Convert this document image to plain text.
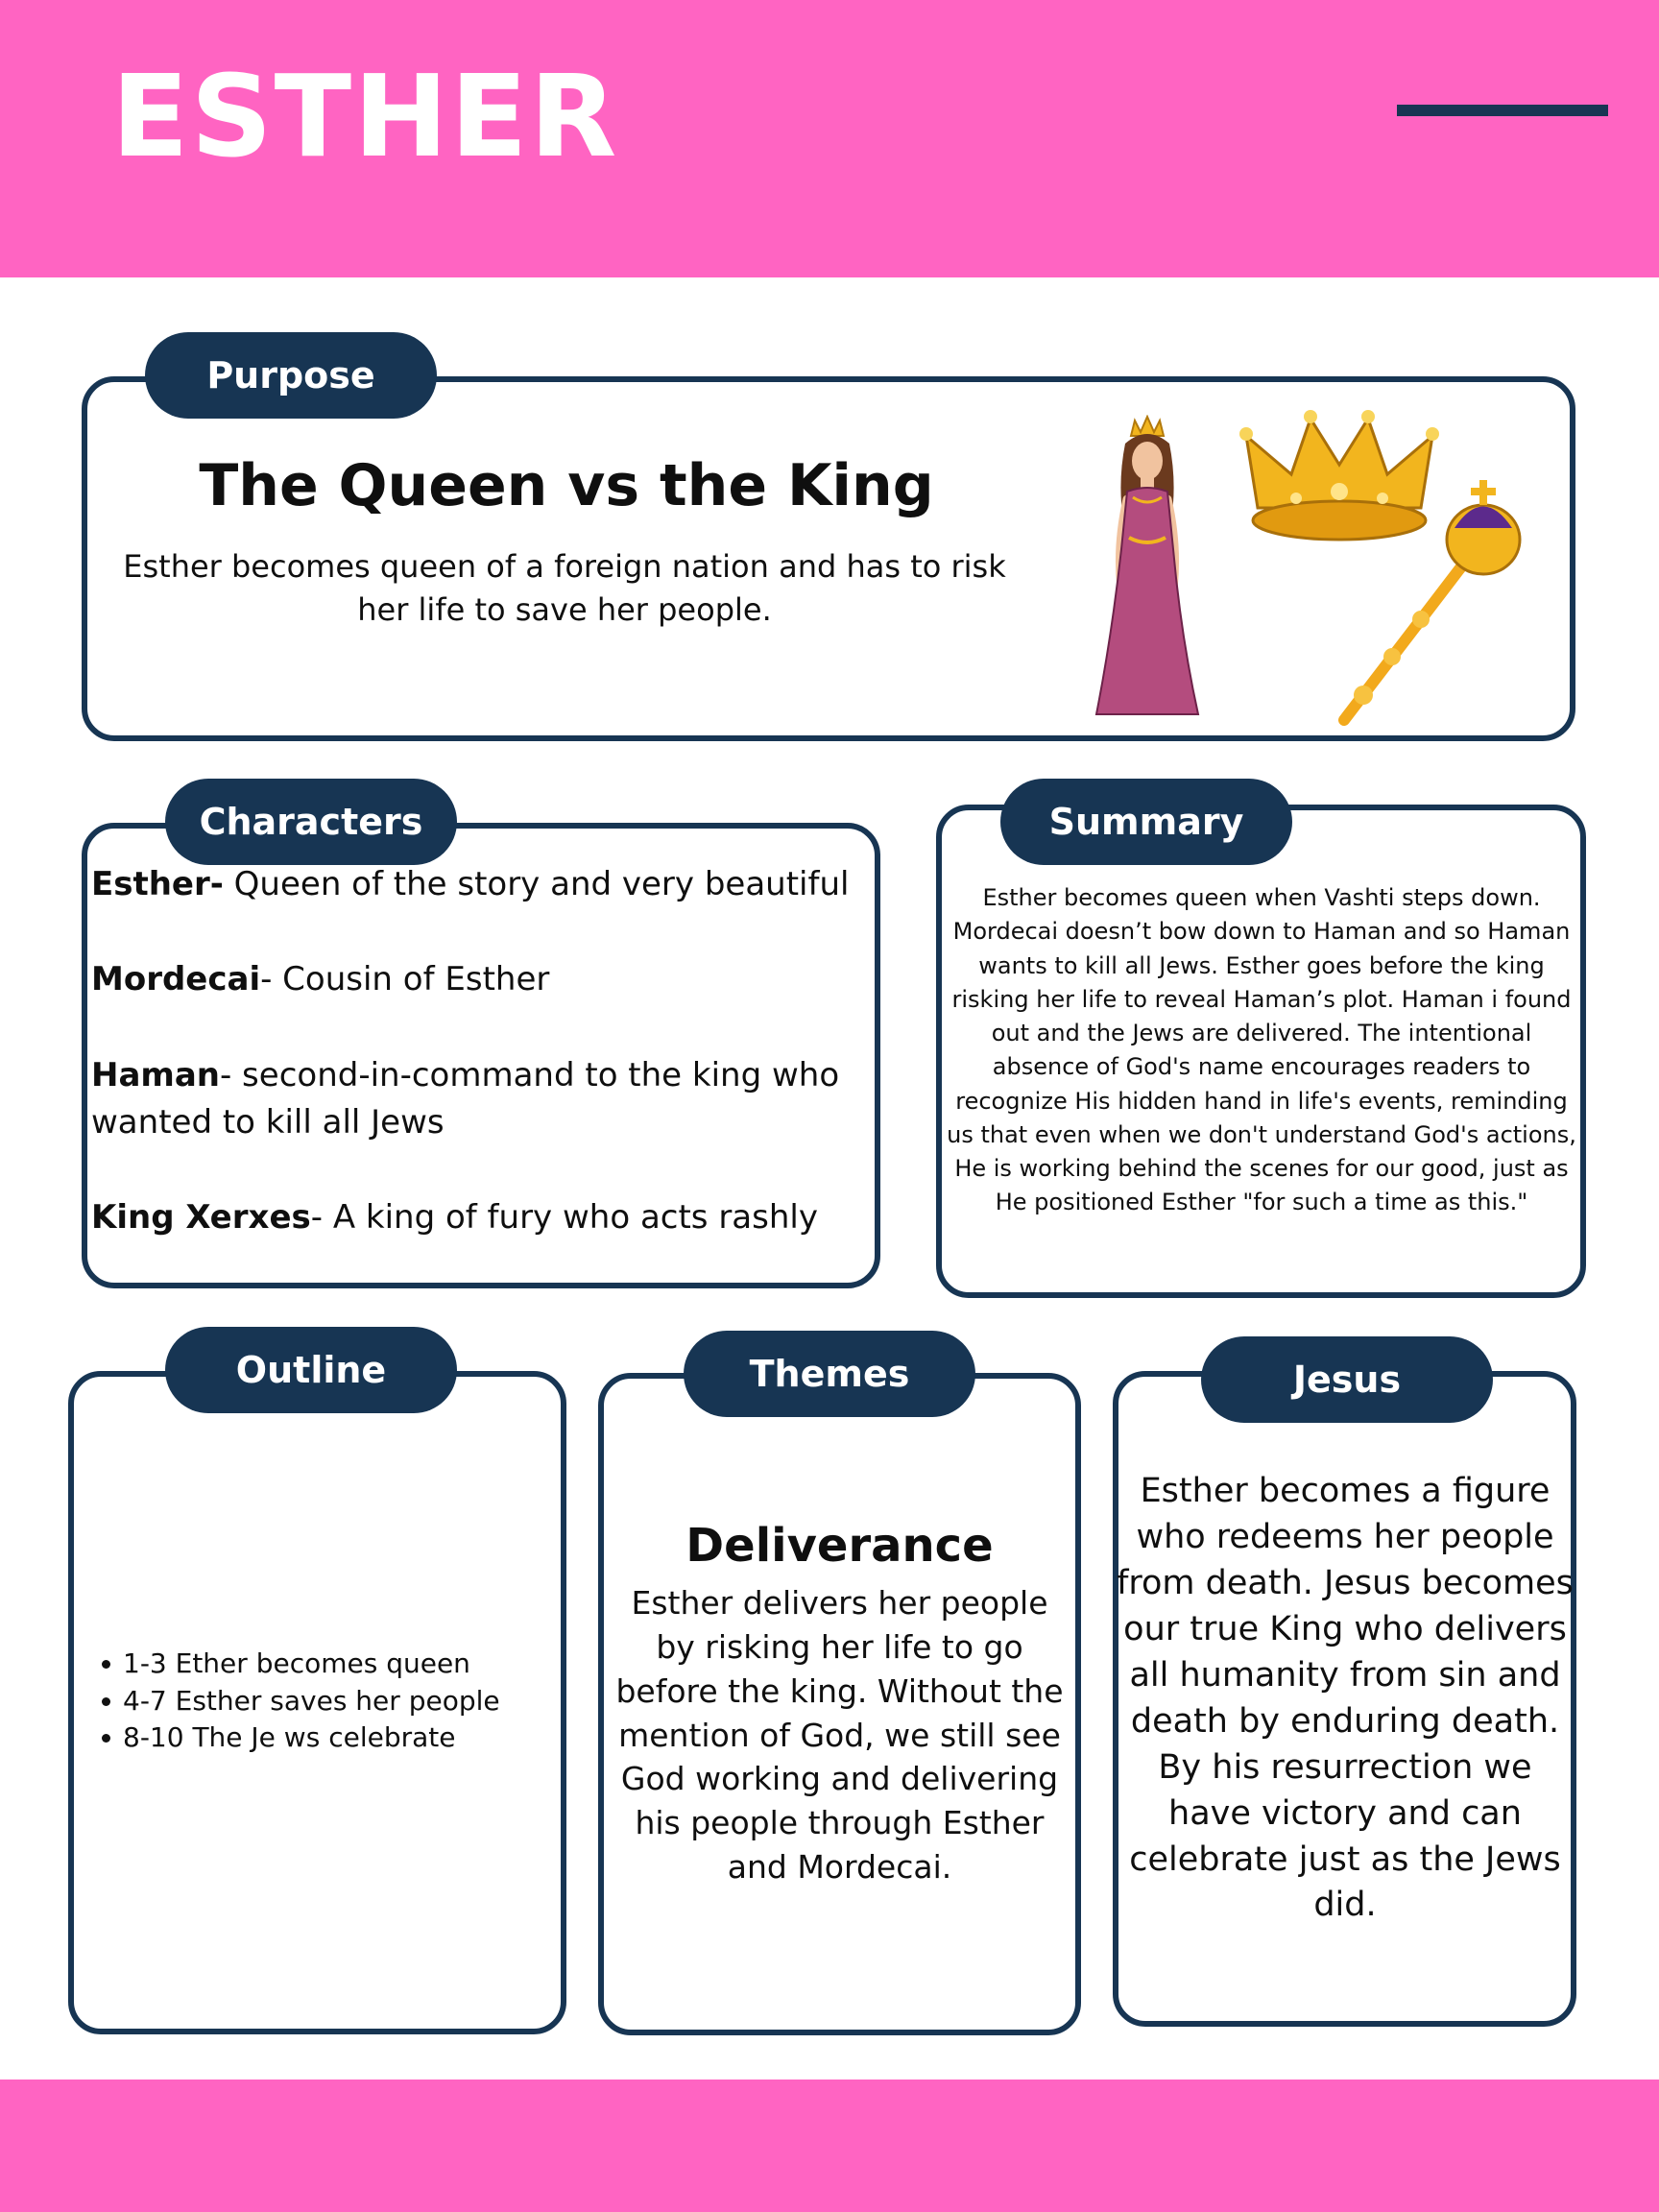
ESTHER
Purpose
The Queen vs the King
Esther becomes queen of a foreign nation and has to risk her life to save her people.
Characters
Esther- Queen of the story and very beautiful
Mordecai- Cousin of Esther
Haman- second-in-command to the king who wanted to kill all Jews
King Xerxes- A king of fury who acts rashly
Summary
Esther becomes queen when Vashti steps down. Mordecai doesn’t bow down to Haman and so Haman wants to kill all Jews. Esther goes before the king risking her life to reveal Haman’s plot. Haman i found out and the Jews are delivered. The intentional absence of God's name encourages readers to recognize His hidden hand in life's events, reminding us that even when we don't understand God's actions, He is working behind the scenes for our good, just as He positioned Esther "for such a time as this."
Outline
1-3 Ether becomes queen
4-7 Esther saves her people
8-10 The Je ws celebrate
Themes
Deliverance
Esther delivers her people by risking her life to go before the king. Without the mention of God, we still see God working and delivering his people through Esther and Mordecai.
Jesus
Esther becomes a figure who redeems her people from death. Jesus becomes our true King who delivers all humanity from sin and death by enduring death. By his resurrection we have victory and can celebrate just as the Jews did.
